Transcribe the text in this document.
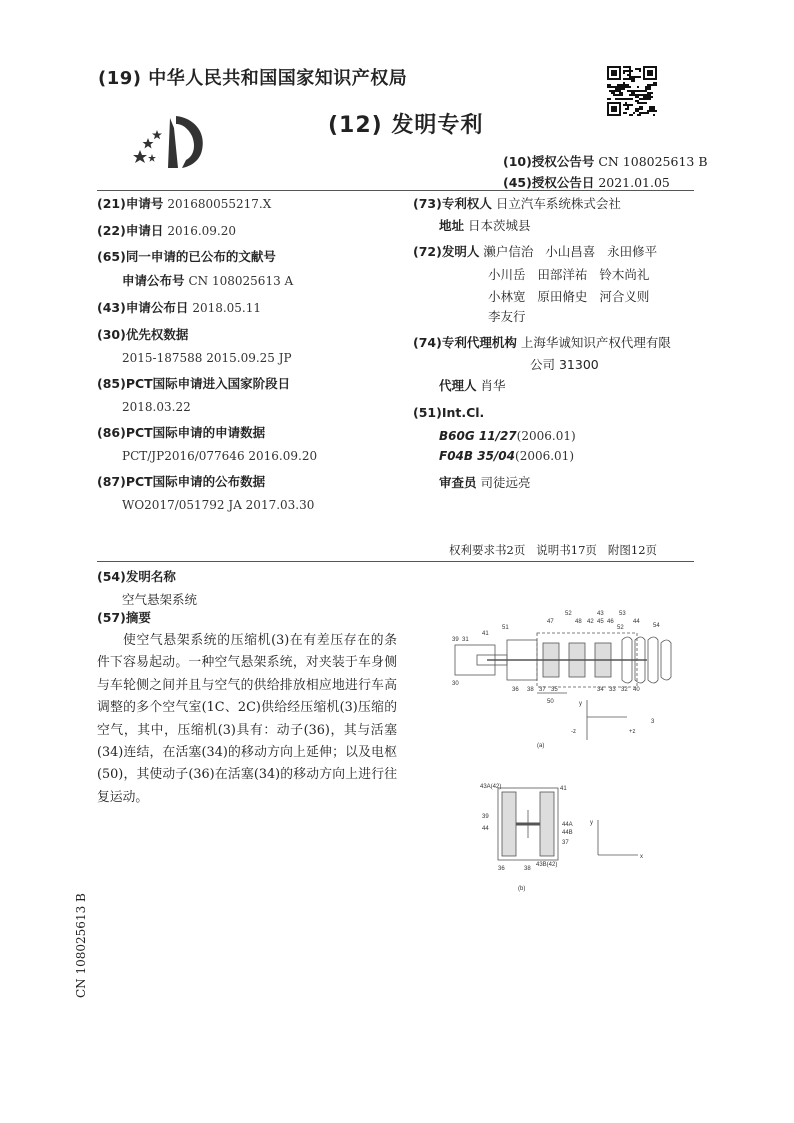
(19) 中华人民共和国国家知识产权局
(12) 发明专利
(10)授权公告号 CN 108025613 B
(45)授权公告日 2021.01.05
(21)申请号 201680055217.X
(22)申请日 2016.09.20
(65)同一申请的已公布的文献号
申请公布号 CN 108025613 A
(43)申请公布日 2018.05.11
(30)优先权数据
2015-187588 2015.09.25 JP
(85)PCT国际申请进入国家阶段日
2018.03.22
(86)PCT国际申请的申请数据
PCT/JP2016/077646 2016.09.20
(87)PCT国际申请的公布数据
WO2017/051792 JA 2017.03.30
(73)专利权人 日立汽车系统株式会社
地址 日本茨城县
(72)发明人 濑户信治   小山昌喜   永田修平
小川岳   田部洋祐   铃木尚礼
小林宽   原田脩史   河合义则
李友行
(74)专利代理机构 上海华诚知识产权代理有限
公司 31300
代理人 肖华
(51)Int.Cl.
B60G 11/27(2006.01)
F04B 35/04(2006.01)
审查员 司徒远亮
权利要求书2页   说明书17页   附图12页
(54)发明名称
空气悬架系统
(57)摘要
使空气悬架系统的压缩机(3)在有差压存在的条件下容易起动。一种空气悬架系统，对夹装于车身侧与车轮侧之间并且与空气的供给排放相应地进行车高调整的多个空气室(1C、2C)供给经压缩机(3)压缩的空气，其中，压缩机(3)具有：动子(36)，其与活塞(34)连结，在活塞(34)的移动方向上延伸；以及电枢(50)，其使动子(36)在活塞(34)的移动方向上进行往复运动。
CN 108025613 B
39 31
41
51
52
47	48 42 45 46
52
43
44
53
54
30
36 38 37 35	34 33 32 40
50	y
-z	+z
3
(a)
43A(42)	41
44
44A
44B
37
36	38
43B(42)
39
y
x
(b)
